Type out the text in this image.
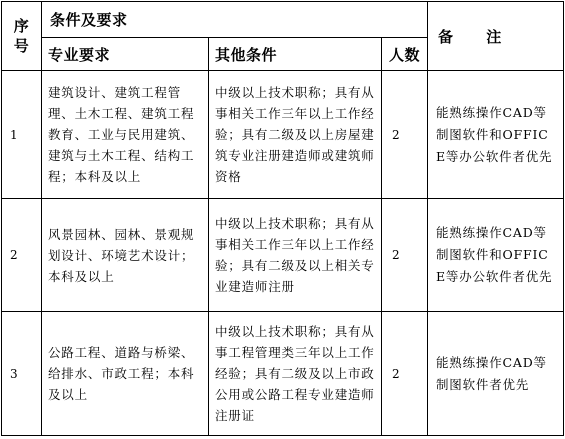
序号	条件及要求			备 注
	专业要求	其他条件	人数	
1	建筑设计、建筑工程管理、土木工程、建筑工程教育、工业与民用建筑、建筑与土木工程、结构工程；本科及以上	中级以上技术职称；具有从事相关工作三年以上工作经验；具有二级及以上房屋建筑专业注册建造师或建筑师资格	2	能熟练操作CAD等制图软件和OFFICE等办公软件者优先
2	风景园林、园林、景观规划设计、环境艺术设计；本科及以上	中级以上技术职称；具有从事相关工作三年以上工作经验；具有二级及以上相关专业建造师注册	2	能熟练操作CAD等制图软件和OFFICE等办公软件者优先
3	公路工程、道路与桥梁、给排水、市政工程；本科及以上	中级以上技术职称；具有从事工程管理类三年以上工作经验；具有二级及以上市政公用或公路工程专业建造师注册证	2	能熟练操作CAD等制图软件者优先
